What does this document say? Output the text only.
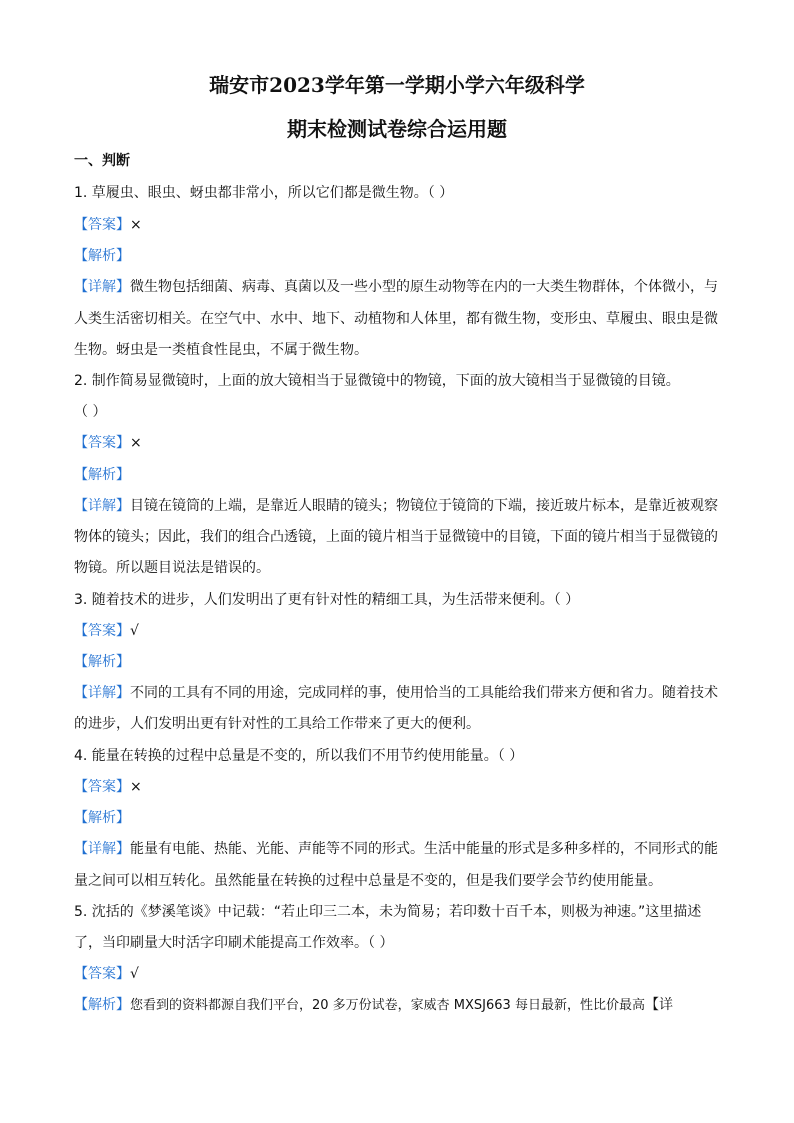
瑞安市2023学年第一学期小学六年级科学
期末检测试卷综合运用题
一、判断
1. 草履虫、眼虫、蚜虫都非常小，所以它们都是微生物。（ ）
【答案】×
【解析】
【详解】微生物包括细菌、病毒、真菌以及一些小型的原生动物等在内的一大类生物群体，个体微小，与
人类生活密切相关。在空气中、水中、地下、动植物和人体里，都有微生物，变形虫、草履虫、眼虫是微
生物。蚜虫是一类植食性昆虫，不属于微生物。
2. 制作简易显微镜时，上面的放大镜相当于显微镜中的物镜，下面的放大镜相当于显微镜的目镜。
（ ）
【答案】×
【解析】
【详解】目镜在镜筒的上端，是靠近人眼睛的镜头；物镜位于镜筒的下端，接近玻片标本，是靠近被观察
物体的镜头；因此，我们的组合凸透镜，上面的镜片相当于显微镜中的目镜，下面的镜片相当于显微镜的
物镜。所以题目说法是错误的。
3. 随着技术的进步，人们发明出了更有针对性的精细工具，为生活带来便利。（ ）
【答案】√
【解析】
【详解】不同的工具有不同的用途，完成同样的事，使用恰当的工具能给我们带来方便和省力。随着技术
的进步，人们发明出更有针对性的工具给工作带来了更大的便利。
4. 能量在转换的过程中总量是不变的，所以我们不用节约使用能量。（ ）
【答案】×
【解析】
【详解】能量有电能、热能、光能、声能等不同的形式。生活中能量的形式是多种多样的，不同形式的能
量之间可以相互转化。虽然能量在转换的过程中总量是不变的，但是我们要学会节约使用能量。
5. 沈括的《梦溪笔谈》中记载：“若止印三二本，未为简易；若印数十百千本，则极为神速。”这里描述
了，当印刷量大时活字印刷术能提高工作效率。（ ）
【答案】√
【解析】您看到的资料都源自我们平台，20 多万份试卷，家威杏 MXSJ663 每日最新，性比价最高【详
